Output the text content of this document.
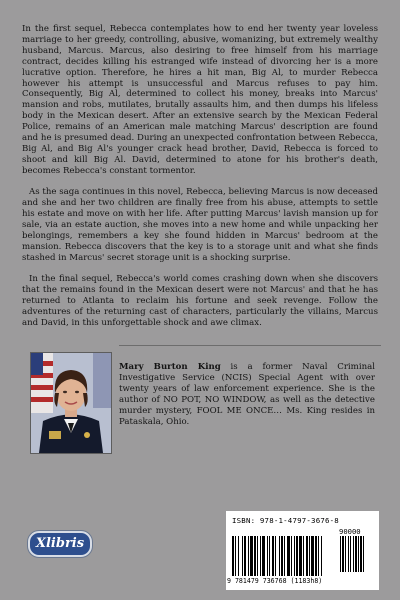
In the first sequel, Rebecca contemplates how to end her twenty year loveless marriage to her greedy, controlling, abusive, womanizing, but extremely wealthy husband, Marcus. Marcus, also desiring to free himself from his marriage contract, decides killing his estranged wife instead of divorcing her is a more lucrative option. Therefore, he hires a hit man, Big Al, to murder Rebecca however his attempt is unsuccessful and Marcus refuses to pay him. Consequently, Big Al, determined to collect his money, breaks into Marcus' mansion and robs, mutilates, brutally assaults him, and then dumps his lifeless body in the Mexican desert. After an extensive search by the Mexican Federal Police, remains of an American male matching Marcus' description are found and he is presumed dead. During an unexpected confrontation between Rebecca, Big Al, and Big Al's younger crack head brother, David, Rebecca is forced to shoot and kill Big Al. David, determined to atone for his brother's death, becomes Rebecca's constant tormentor.

As the saga continues in this novel, Rebecca, believing Marcus is now deceased and she and her two children are finally free from his abuse, attempts to settle his estate and move on with her life. After putting Marcus' lavish mansion up for sale, via an estate auction, she moves into a new home and while unpacking her belongings, remembers a key she found hidden in Marcus' bedroom at the mansion. Rebecca discovers that the key is to a storage unit and what she finds stashed in Marcus' secret storage unit is a shocking surprise.

In the final sequel, Rebecca's world comes crashing down when she discovers that the remains found in the Mexican desert were not Marcus' and that he has returned to Atlanta to reclaim his fortune and seek revenge. Follow the adventures of the returning cast of characters, particularly the villains, Marcus and David, in this unforgettable shock and awe climax.

Mary Burton King is a former Naval Criminal Investigative Service (NCIS) Special Agent with over twenty years of law enforcement experience. She is the author of NO POT, NO WINDOW, as well as the detective murder mystery, FOOL ME ONCE… Ms. King resides in Pataskala, Ohio.

Xlibris
ISBN: 978-1-4797-3676-8
90000
9 781479 736768 (1183h8)
